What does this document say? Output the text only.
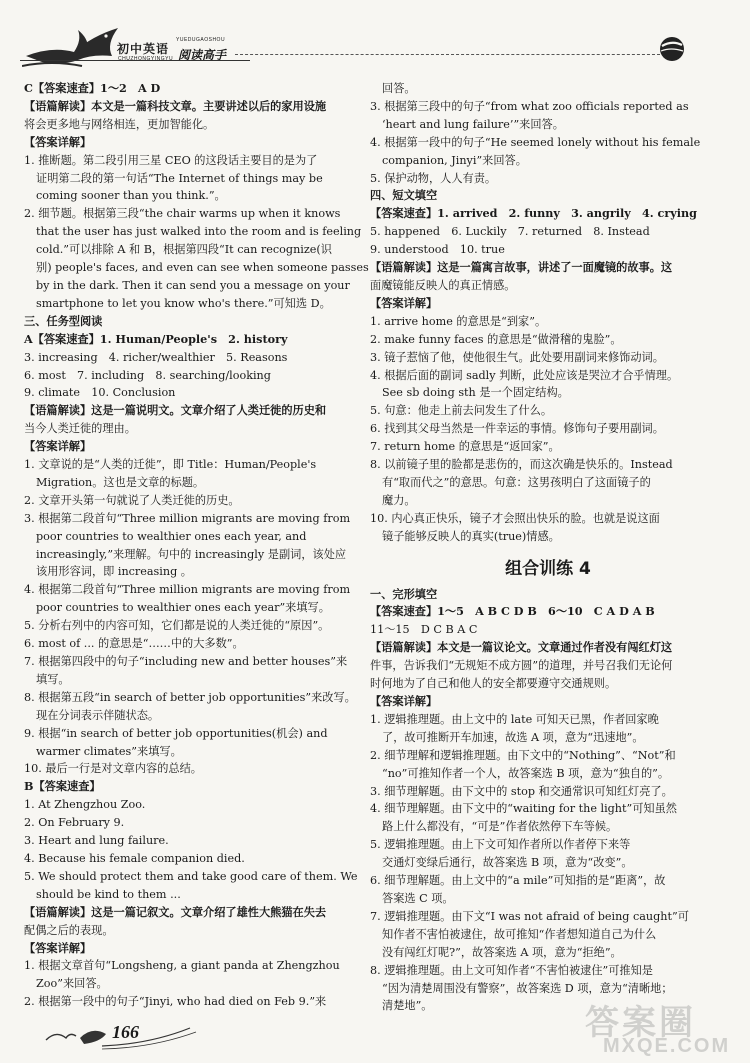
初中英语
YUEDUGAOSHOU
阅读高手
CHUZHONGYINGYU

C【答案速查】1～2　A D

【语篇解读】本文是一篇科技文章。主要讲述以后的家用设施

将会更多地与网络相连，更加智能化。

【答案详解】

1. 推断题。第二段引用三星 CEO 的这段话主要目的是为了

证明第二段的第一句话“The Internet of things may be

coming sooner than you think.”。

2. 细节题。根据第三段“the chair warms up when it knows

that the user has just walked into the room and is feeling

cold.”可以排除 A 和 B，根据第四段“It can recognize(识

别) people's faces, and even can see when someone passes

by in the dark. Then it can send you a message on your

smartphone to let you know who's there.”可知选 D。

三、任务型阅读

A【答案速查】1. Human/People's　2. history

3. increasing　4. richer/wealthier　5. Reasons

6. most　7. including　8. searching/looking

9. climate　10. Conclusion

【语篇解读】这是一篇说明文。文章介绍了人类迁徙的历史和

当今人类迁徙的理由。

【答案详解】

1. 文章说的是“人类的迁徙”，即 Title：Human/People's

Migration。这也是文章的标题。

2. 文章开头第一句就说了人类迁徙的历史。

3. 根据第二段首句“Three million migrants are moving from

poor countries to wealthier ones each year, and

increasingly,”来理解。句中的 increasingly 是副词，该处应

该用形容词，即 increasing 。

4. 根据第二段首句“Three million migrants are moving from

poor countries to wealthier ones each year”来填写。

5. 分析右列中的内容可知，它们都是说的人类迁徙的“原因”。

6. most of ... 的意思是“……中的大多数”。

7. 根据第四段中的句子“including new and better houses”来

填写。

8. 根据第五段“in search of better job opportunities”来改写。

现在分词表示伴随状态。

9. 根据“in search of better job opportunities(机会) and

warmer climates”来填写。

10. 最后一行是对文章内容的总结。

B【答案速查】

1. At Zhengzhou Zoo.

2. On February 9.

3. Heart and lung failure.

4. Because his female companion died.

5. We should protect them and take good care of them. We

should be kind to them ...

【语篇解读】这是一篇记叙文。文章介绍了雄性大熊猫在失去

配偶之后的表现。

【答案详解】

1. 根据文章首句“Longsheng, a giant panda at Zhengzhou

Zoo”来回答。

2. 根据第一段中的句子“Jinyi, who had died on Feb 9.”来

回答。

3. 根据第三段中的句子“from what zoo officials reported as

‘heart and lung failure’”来回答。

4. 根据第一段中的句子“He seemed lonely without his female

companion, Jinyi”来回答。

5. 保护动物，人人有责。

四、短文填空

【答案速查】1. arrived　2. funny　3. angrily　4. crying

5. happened　6. Luckily　7. returned　8. Instead

9. understood　10. true

【语篇解读】这是一篇寓言故事，讲述了一面魔镜的故事。这

面魔镜能反映人的真正情感。

【答案详解】

1. arrive home 的意思是“到家”。

2. make funny faces 的意思是“做滑稽的鬼脸”。

3. 镜子惹恼了他，使他很生气。此处要用副词来修饰动词。

4. 根据后面的副词 sadly 判断，此处应该是哭泣才合乎情理。

See sb doing sth 是一个固定结构。

5. 句意：他走上前去问发生了什么。

6. 找到其父母当然是一件幸运的事情。修饰句子要用副词。

7. return home 的意思是“返回家”。

8. 以前镜子里的脸都是悲伤的，而这次确是快乐的。Instead

有“取而代之”的意思。句意：这男孩明白了这面镜子的

魔力。

10. 内心真正快乐，镜子才会照出快乐的脸。也就是说这面

镜子能够反映人的真实(true)情感。

组合训练 4

一、完形填空

【答案速查】1～5　A B C D B　6～10　C A D A B

11～15　D C B A C

【语篇解读】本文是一篇议论文。文章通过作者没有闯红灯这

件事，告诉我们“无规矩不成方圆”的道理，并号召我们无论何

时何地为了自己和他人的安全都要遵守交通规则。

【答案详解】

1. 逻辑推理题。由上文中的 late 可知天已黑，作者回家晚

了，故可推断开车加速，故选 A 项，意为“迅速地”。

2. 细节理解和逻辑推理题。由下文中的“Nothing”、“Not”和

“no”可推知作者一个人，故答案选 B 项，意为“独自的”。

3. 细节理解题。由下文中的 stop 和交通常识可知红灯亮了。

4. 细节理解题。由下文中的“waiting for the light”可知虽然

路上什么都没有，“可是”作者依然停下车等候。

5. 逻辑推理题。由上下文可知作者所以作者停下来等

交通灯变绿后通行，故答案选 B 项，意为“改变”。

6. 细节理解题。由上文中的“a mile”可知指的是“距离”，故

答案选 C 项。

7. 逻辑推理题。由下文“I was not afraid of being caught”可

知作者不害怕被逮住，故可推知“作者想知道自己为什么

没有闯红灯呢?”，故答案选 A 项，意为“拒绝”。

8. 逻辑推理题。由上文可知作者“不害怕被逮住”可推知是

“因为清楚周围没有警察”，故答案选 D 项，意为“清晰地；

清楚地”。

166	答案圈
MXQE.COM
